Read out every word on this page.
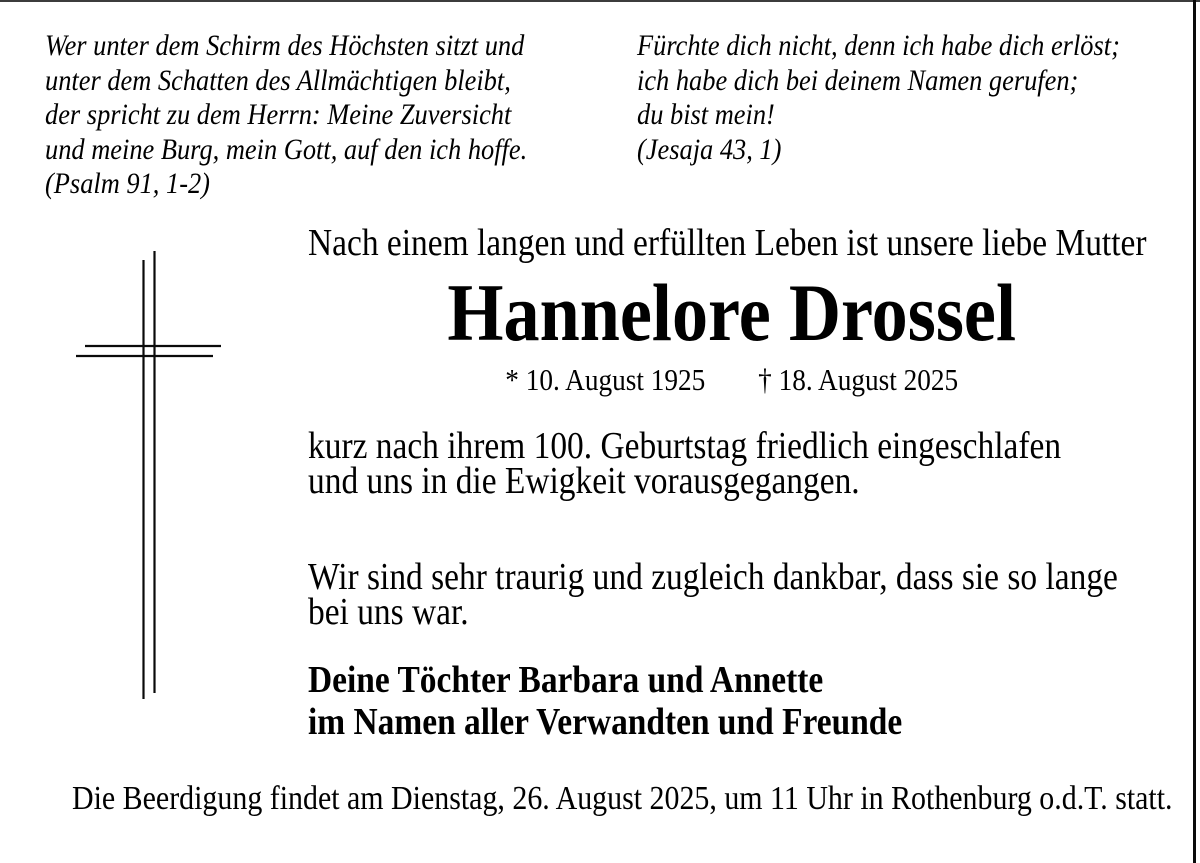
Wer unter dem Schirm des Höchsten sitzt und
unter dem Schatten des Allmächtigen bleibt,
der spricht zu dem Herrn: Meine Zuversicht
und meine Burg, mein Gott, auf den ich hoffe.
(Psalm 91, 1-2)
Fürchte dich nicht, denn ich habe dich erlöst;
ich habe dich bei deinem Namen gerufen;
du bist mein!
(Jesaja 43, 1)
Nach einem langen und erfüllten Leben ist unsere liebe Mutter
Hannelore Drossel
* 10. August 1925 † 18. August 2025
kurz nach ihrem 100. Geburtstag friedlich eingeschlafen
und uns in die Ewigkeit vorausgegangen.
Wir sind sehr traurig und zugleich dankbar, dass sie so lange
bei uns war.
Deine Töchter Barbara und Annette
im Namen aller Verwandten und Freunde
Die Beerdigung findet am Dienstag, 26. August 2025, um 11 Uhr in Rothenburg o.d.T. statt.
